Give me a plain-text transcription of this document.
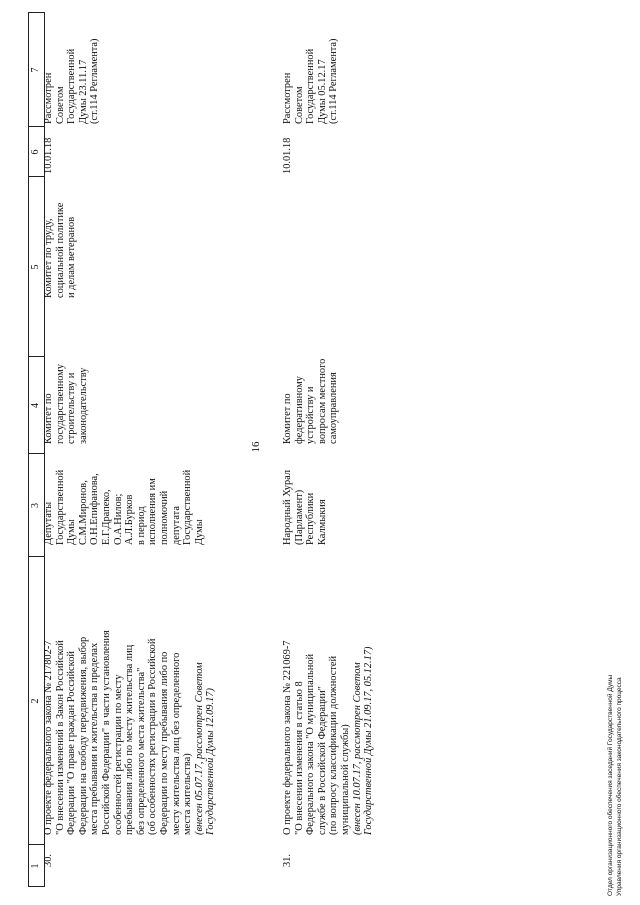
16
1
2
3
4
5
6
7
30.
О проекте федерального закона № 217802-7 "О внесении изменений в Закон Российской Федерации "О праве граждан Российской Федерации на свободу передвижения, выбор места пребывания и жительства в пределах Российской Федерации" в части установления особенностей регистрации по месту пребывания либо по месту жительства лиц без определенного места жительства" (об особенностях регистрации в Российской Федерации по месту пребывания либо по месту жительства лиц без определенного места жительства) (внесен 05.07.17, рассмотрен Советом Государственной Думы 12.09.17)
Депутаты Государственной Думы С.М.Миронов, О.Н.Епифанова, Е.Г.Драпеко, О.А.Нилов; А.Л.Бурков в период исполнения им полномочий депутата Государственной Думы
Комитет по государственному строительству и законодательству
Комитет по труду, социальной политике и делам ветеранов
10.01.18
Рассмотрен Советом Государственной Думы 23.11.17 (ст.114 Регламента)
31.
О проекте федерального закона № 221069-7 "О внесении изменения в статью 8 Федерального закона "О муниципальной службе в Российской Федерации" (по вопросу классификации должностей муниципальной службы) (внесен 10.07.17, рассмотрен Советом Государственной Думы 21.09.17, 05.12.17)
Народный Хурал (Парламент) Республики Калмыкия
Комитет по федеративному устройству и вопросам местного самоуправления
10.01.18
Рассмотрен Советом Государственной Думы 05.12.17 (ст.114 Регламента)
Отдел организационного обеспечения заседаний Государственной Думы Управления организационного обеспечения законодательного процесса
